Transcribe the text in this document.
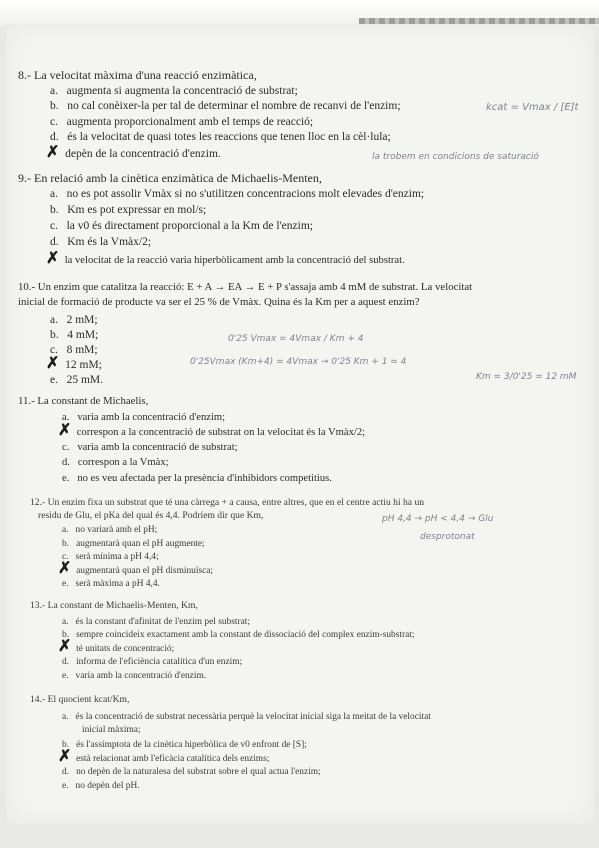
8.- La velocitat màxima d'una reacció enzimàtica,
a. augmenta si augmenta la concentració de substrat;
b. no cal conèixer-la per tal de determinar el nombre de recanvi de l'enzim;
c. augmenta proporcionalment amb el temps de reacció;
d. és la velocitat de quasi totes les reaccions que tenen lloc en la cèl·lula;
✗ depèn de la concentració d'enzim.
kcat = Vmax / [E]t
la trobem en condicions de saturació
9.- En relació amb la cinètica enzimàtica de Michaelis-Menten,
a. no es pot assolir Vmàx si no s'utilitzen concentracions molt elevades d'enzim;
b. Km es pot expressar en mol/s;
c. la v0 és directament proporcional a la Km de l'enzim;
d. Km és la Vmàx/2;
✗ la velocitat de la reacció varia hiperbòlicament amb la concentració del substrat.
10.- Un enzim que catalitza la reacció: E + A → EA → E + P s'assaja amb 4 mM de substrat. La velocitat
inicial de formació de producte va ser el 25 % de Vmàx. Quina és la Km per a aquest enzim?
a. 2 mM;
b. 4 mM;
c. 8 mM;
✗ 12 mM;
e. 25 mM.
0'25 Vmax = 4Vmax / Km + 4
0'25Vmax (Km+4) = 4Vmax → 0'25 Km + 1 = 4
Km = 3/0'25 = 12 mM
11.- La constant de Michaelis,
a. varia amb la concentració d'enzim;
✗ correspon a la concentració de substrat on la velocitat és la Vmàx/2;
c. varia amb la concentració de substrat;
d. correspon a la Vmàx;
e. no es veu afectada per la presència d'inhibidors competitius.
12.- Un enzim fixa un substrat que té una càrrega + a causa, entre altres, que en el centre actiu hi ha un
residu de Glu, el pKa del qual és 4,4. Podríem dir que Km,
a. no variarà amb el pH;
b. augmentarà quan el pH augmente;
c. serà mínima a pH 4,4;
✗ augmentarà quan el pH disminuïsca;
e. serà màxima a pH 4,4.
pH 4,4 → pH < 4,4 → Glu
desprotonat
13.- La constant de Michaelis-Menten, Km,
a. és la constant d'afinitat de l'enzim pel substrat;
b. sempre coincideix exactament amb la constant de dissociació del complex enzim-substrat;
✗ té unitats de concentració;
d. informa de l'eficiència catalítica d'un enzim;
e. varia amb la concentració d'enzim.
14.- El quocient kcat/Km,
a. és la concentració de substrat necessària perquè la velocitat inicial siga la meitat de la velocitat
inicial màxima;
b. és l'assímptota de la cinètica hiperbòlica de v0 enfront de [S];
✗ està relacionat amb l'eficàcia catalítica dels enzims;
d. no depèn de la naturalesa del substrat sobre el qual actua l'enzim;
e. no depèn del pH.
